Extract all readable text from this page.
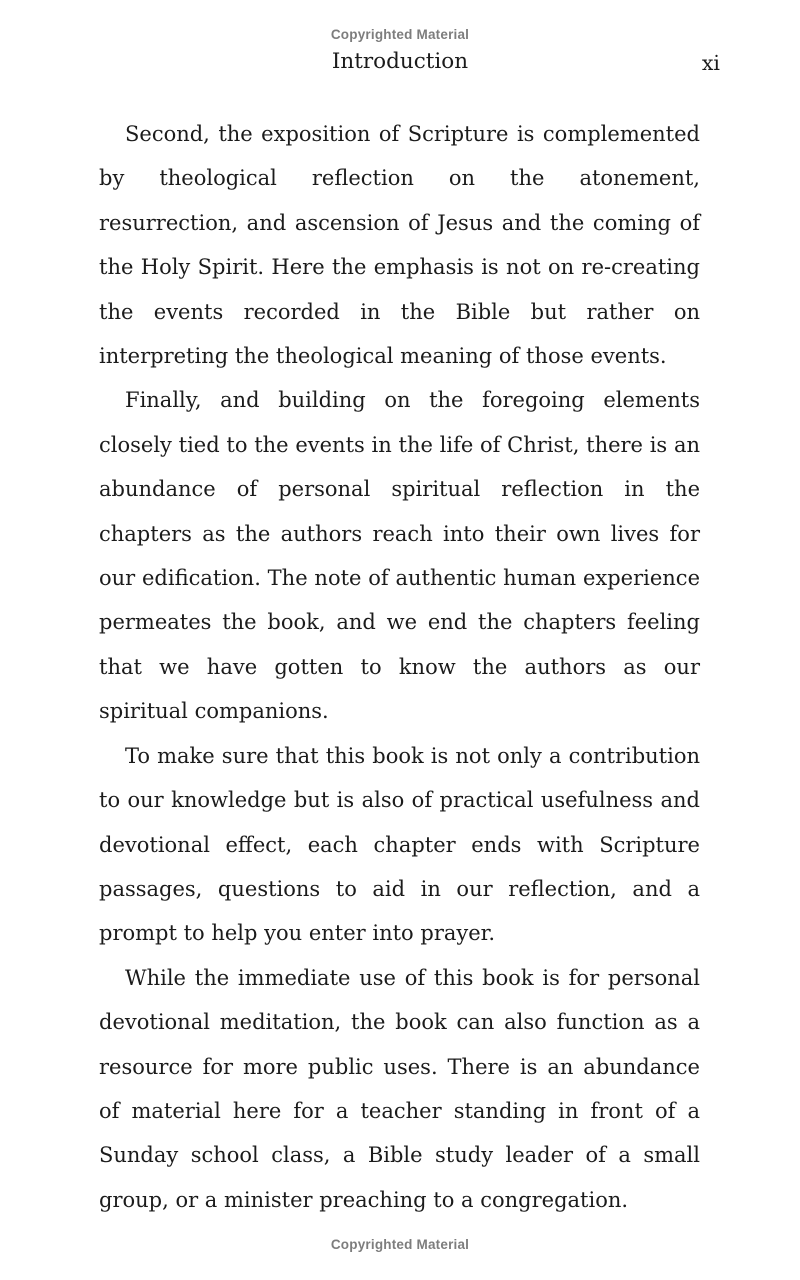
Copyrighted Material
Introduction	xi

Second, the exposition of Scripture is complemented by theological reflection on the atonement, resurrection, and ascension of Jesus and the coming of the Holy Spirit. Here the emphasis is not on re-creating the events recorded in the Bible but rather on interpreting the theological meaning of those events.

Finally, and building on the foregoing elements closely tied to the events in the life of Christ, there is an abundance of personal spiritual reflection in the chapters as the authors reach into their own lives for our edification. The note of authentic human experience permeates the book, and we end the chapters feeling that we have gotten to know the authors as our spiritual companions.

To make sure that this book is not only a contribution to our knowledge but is also of practical usefulness and devotional effect, each chapter ends with Scripture passages, questions to aid in our reflection, and a prompt to help you enter into prayer.

While the immediate use of this book is for personal devotional meditation, the book can also function as a resource for more public uses. There is an abundance of material here for a teacher standing in front of a Sunday school class, a Bible study leader of a small group, or a minister preaching to a congregation.

Copyrighted Material
